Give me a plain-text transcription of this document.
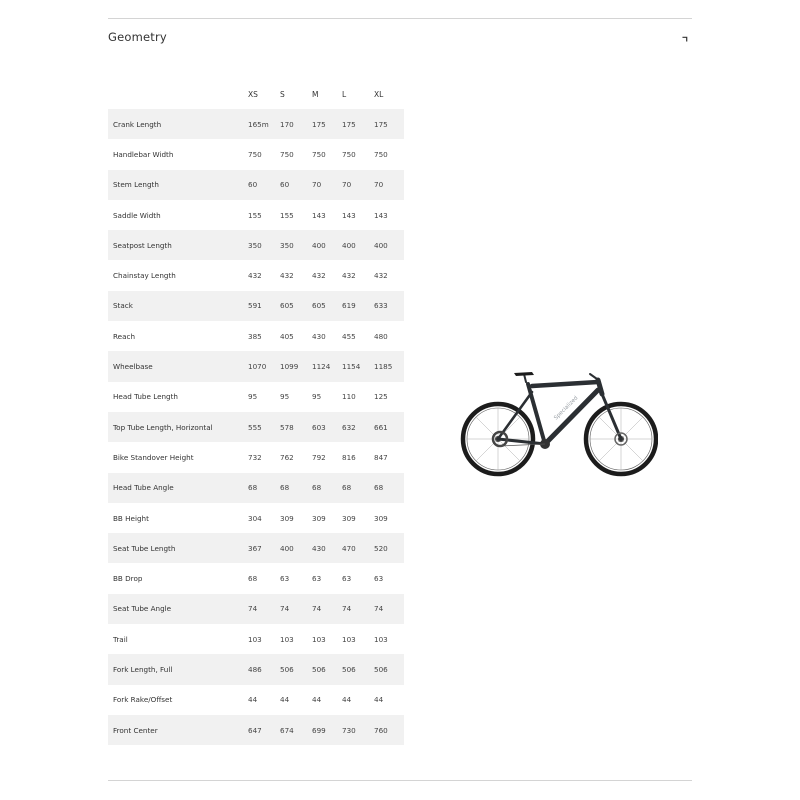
Geometry
	XS	S	M	L	XL
Crank Length	165m	170	175	175	175
Handlebar Width	750	750	750	750	750
Stem Length	60	60	70	70	70
Saddle Width	155	155	143	143	143
Seatpost Length	350	350	400	400	400
Chainstay Length	432	432	432	432	432
Stack	591	605	605	619	633
Reach	385	405	430	455	480
Wheelbase	1070	1099	1124	1154	1185
Head Tube Length	95	95	95	110	125
Top Tube Length, Horizontal	555	578	603	632	661
Bike Standover Height	732	762	792	816	847
Head Tube Angle	68	68	68	68	68
BB Height	304	309	309	309	309
Seat Tube Length	367	400	430	470	520
BB Drop	68	63	63	63	63
Seat Tube Angle	74	74	74	74	74
Trail	103	103	103	103	103
Fork Length, Full	486	506	506	506	506
Fork Rake/Offset	44	44	44	44	44
Front Center	647	674	699	730	760
Specialized
